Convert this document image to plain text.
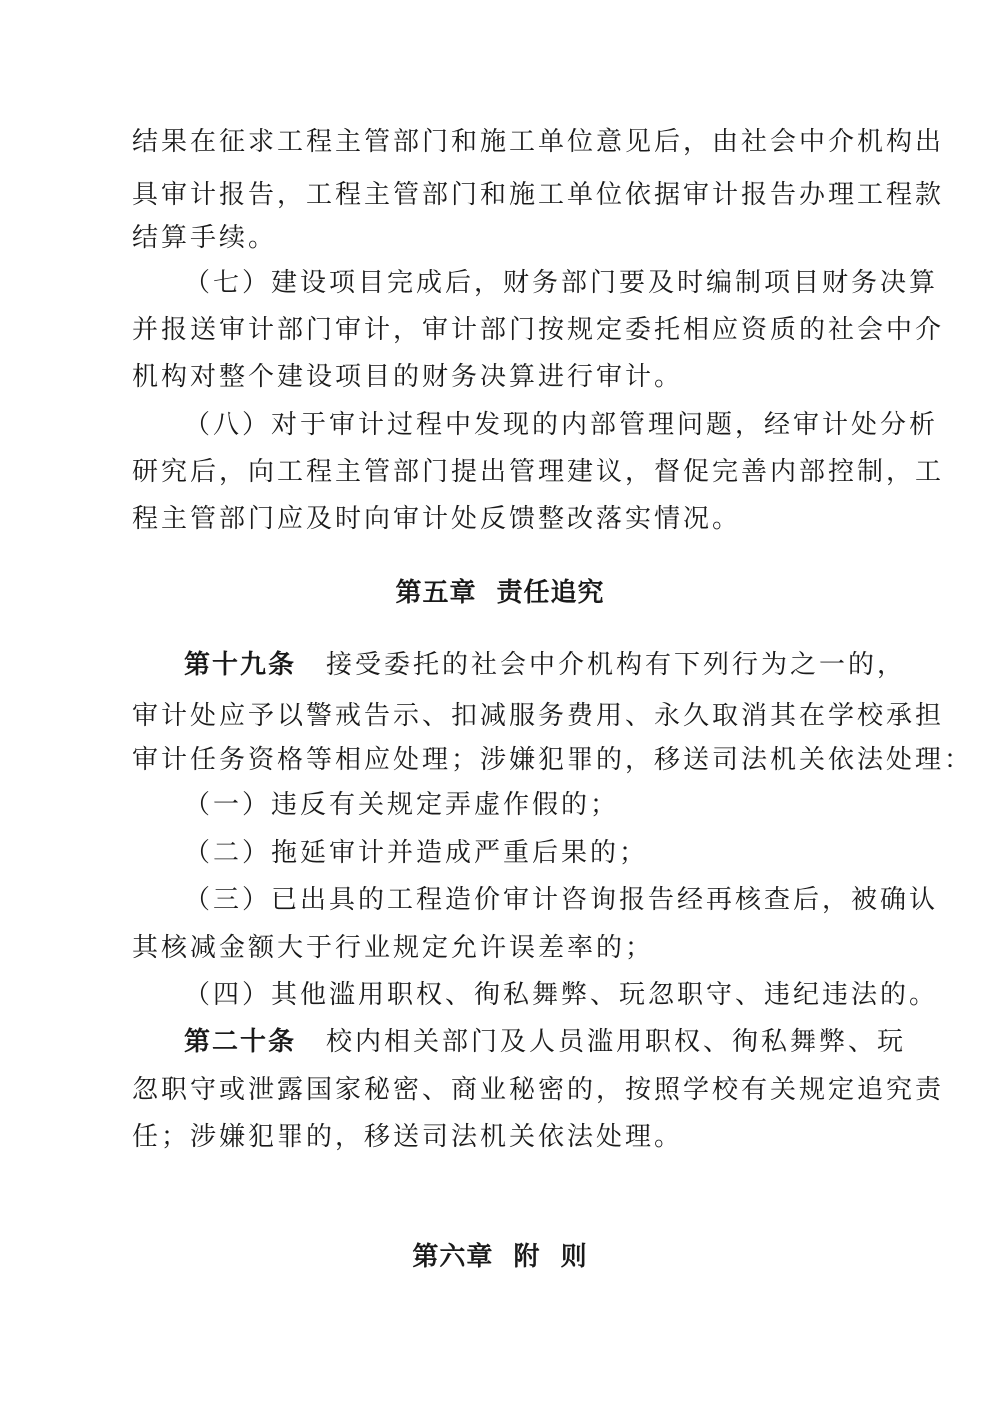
结果在征求工程主管部门和施工单位意见后，由社会中介机构出
具审计报告，工程主管部门和施工单位依据审计报告办理工程款
结算手续。
（七）建设项目完成后，财务部门要及时编制项目财务决算
并报送审计部门审计，审计部门按规定委托相应资质的社会中介
机构对整个建设项目的财务决算进行审计。
（八）对于审计过程中发现的内部管理问题，经审计处分析
研究后，向工程主管部门提出管理建议，督促完善内部控制，工
程主管部门应及时向审计处反馈整改落实情况。
第五章  责任追究
第十九条 接受委托的社会中介机构有下列行为之一的，
审计处应予以警戒告示、扣减服务费用、永久取消其在学校承担
审计任务资格等相应处理；涉嫌犯罪的，移送司法机关依法处理：
（一）违反有关规定弄虚作假的；
（二）拖延审计并造成严重后果的；
（三）已出具的工程造价审计咨询报告经再核查后，被确认
其核减金额大于行业规定允许误差率的；
（四）其他滥用职权、徇私舞弊、玩忽职守、违纪违法的。
第二十条 校内相关部门及人员滥用职权、徇私舞弊、玩
忽职守或泄露国家秘密、商业秘密的，按照学校有关规定追究责
任；涉嫌犯罪的，移送司法机关依法处理。
第六章  附  则
